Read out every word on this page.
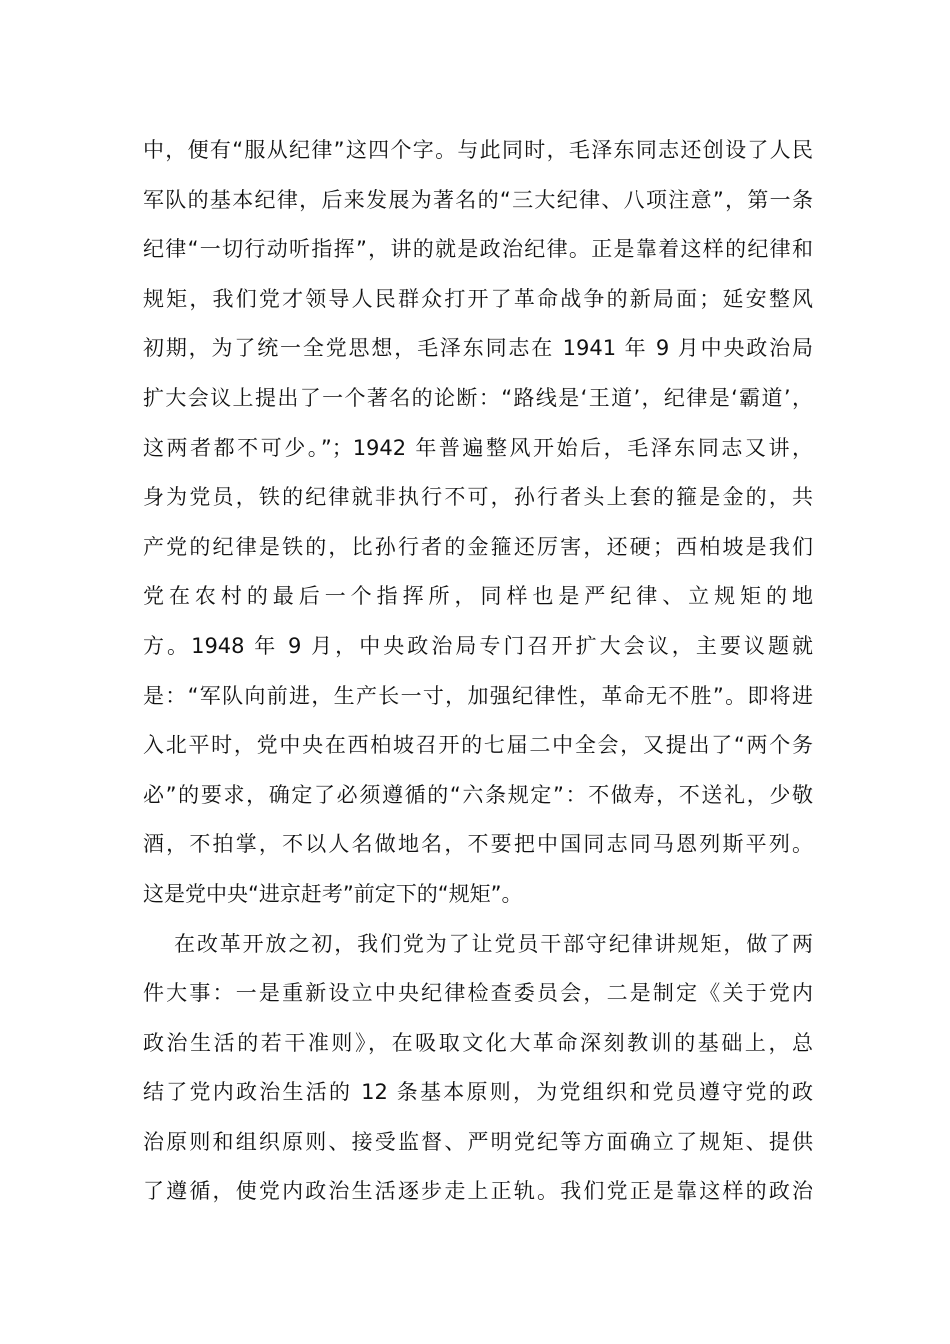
中，便有“服从纪律”这四个字。与此同时，毛泽东同志还创设了人民
军队的基本纪律，后来发展为著名的“三大纪律、八项注意”，第一条
纪律“一切行动听指挥”，讲的就是政治纪律。正是靠着这样的纪律和
规矩，我们党才领导人民群众打开了革命战争的新局面；延安整风
初期，为了统一全党思想，毛泽东同志在 1941 年 9 月中央政治局
扩大会议上提出了一个著名的论断：“路线是‘王道’，纪律是‘霸道’，
这两者都不可少。”；1942 年普遍整风开始后，毛泽东同志又讲，
身为党员，铁的纪律就非执行不可，孙行者头上套的箍是金的，共
产党的纪律是铁的，比孙行者的金箍还厉害，还硬；西柏坡是我们
党在农村的最后一个指挥所，同样也是严纪律、立规矩的地
方。1948 年 9 月，中央政治局专门召开扩大会议，主要议题就
是：“军队向前进，生产长一寸，加强纪律性，革命无不胜”。即将进
入北平时，党中央在西柏坡召开的七届二中全会，又提出了“两个务
必”的要求，确定了必须遵循的“六条规定”：不做寿，不送礼，少敬
酒，不拍掌，不以人名做地名，不要把中国同志同马恩列斯平列。
这是党中央“进京赶考”前定下的“规矩”。
在改革开放之初，我们党为了让党员干部守纪律讲规矩，做了两
件大事：一是重新设立中央纪律检查委员会，二是制定《关于党内
政治生活的若干准则》，在吸取文化大革命深刻教训的基础上，总
结了党内政治生活的 12 条基本原则，为党组织和党员遵守党的政
治原则和组织原则、接受监督、严明党纪等方面确立了规矩、提供
了遵循，使党内政治生活逐步走上正轨。我们党正是靠这样的政治
